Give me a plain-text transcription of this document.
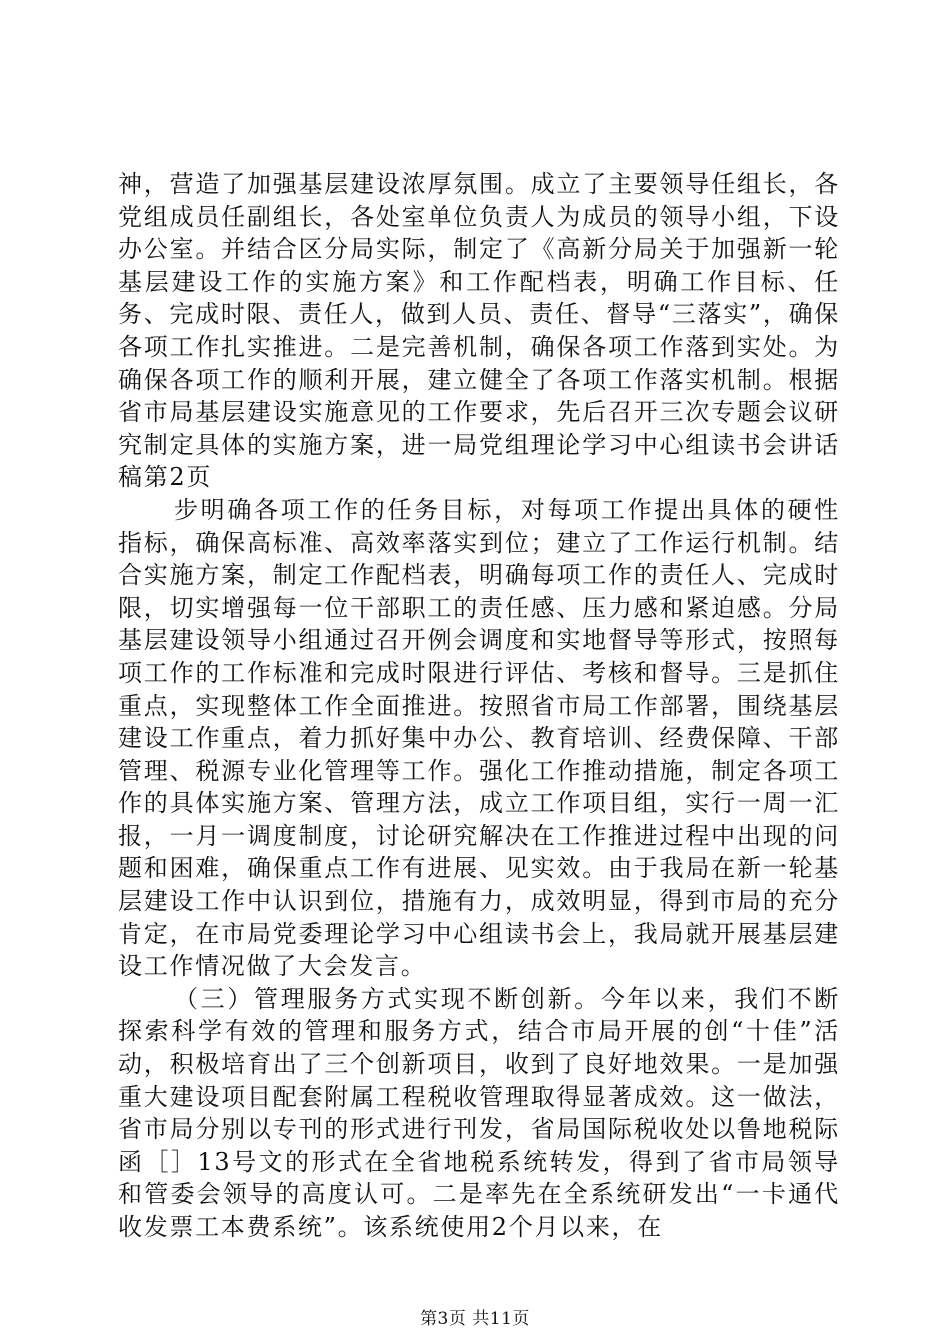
神，营造了加强基层建设浓厚氛围。成立了主要领导任组长，各党组成员任副组长，各处室单位负责人为成员的领导小组，下设办公室。并结合区分局实际，制定了《高新分局关于加强新一轮基层建设工作的实施方案》和工作配档表，明确工作目标、任务、完成时限、责任人，做到人员、责任、督导“三落实”，确保各项工作扎实推进。二是完善机制，确保各项工作落到实处。为确保各项工作的顺利开展，建立健全了各项工作落实机制。根据省市局基层建设实施意见的工作要求，先后召开三次专题会议研究制定具体的实施方案，进一局党组理论学习中心组读书会讲话稿第2页

步明确各项工作的任务目标，对每项工作提出具体的硬性指标，确保高标准、高效率落实到位；建立了工作运行机制。结合实施方案，制定工作配档表，明确每项工作的责任人、完成时限，切实增强每一位干部职工的责任感、压力感和紧迫感。分局基层建设领导小组通过召开例会调度和实地督导等形式，按照每项工作的工作标准和完成时限进行评估、考核和督导。三是抓住重点，实现整体工作全面推进。按照省市局工作部署，围绕基层建设工作重点，着力抓好集中办公、教育培训、经费保障、干部管理、税源专业化管理等工作。强化工作推动措施，制定各项工作的具体实施方案、管理方法，成立工作项目组，实行一周一汇报，一月一调度制度，讨论研究解决在工作推进过程中出现的问题和困难，确保重点工作有进展、见实效。由于我局在新一轮基层建设工作中认识到位，措施有力，成效明显，得到市局的充分肯定，在市局党委理论学习中心组读书会上，我局就开展基层建设工作情况做了大会发言。

（三）管理服务方式实现不断创新。今年以来，我们不断探索科学有效的管理和服务方式，结合市局开展的创“十佳”活动，积极培育出了三个创新项目，收到了良好地效果。一是加强重大建设项目配套附属工程税收管理取得显著成效。这一做法，省市局分别以专刊的形式进行刊发，省局国际税收处以鲁地税际函［］13号文的形式在全省地税系统转发，得到了省市局领导和管委会领导的高度认可。二是率先在全系统研发出“一卡通代收发票工本费系统”。该系统使用2个月以来，在

第3页 共11页
